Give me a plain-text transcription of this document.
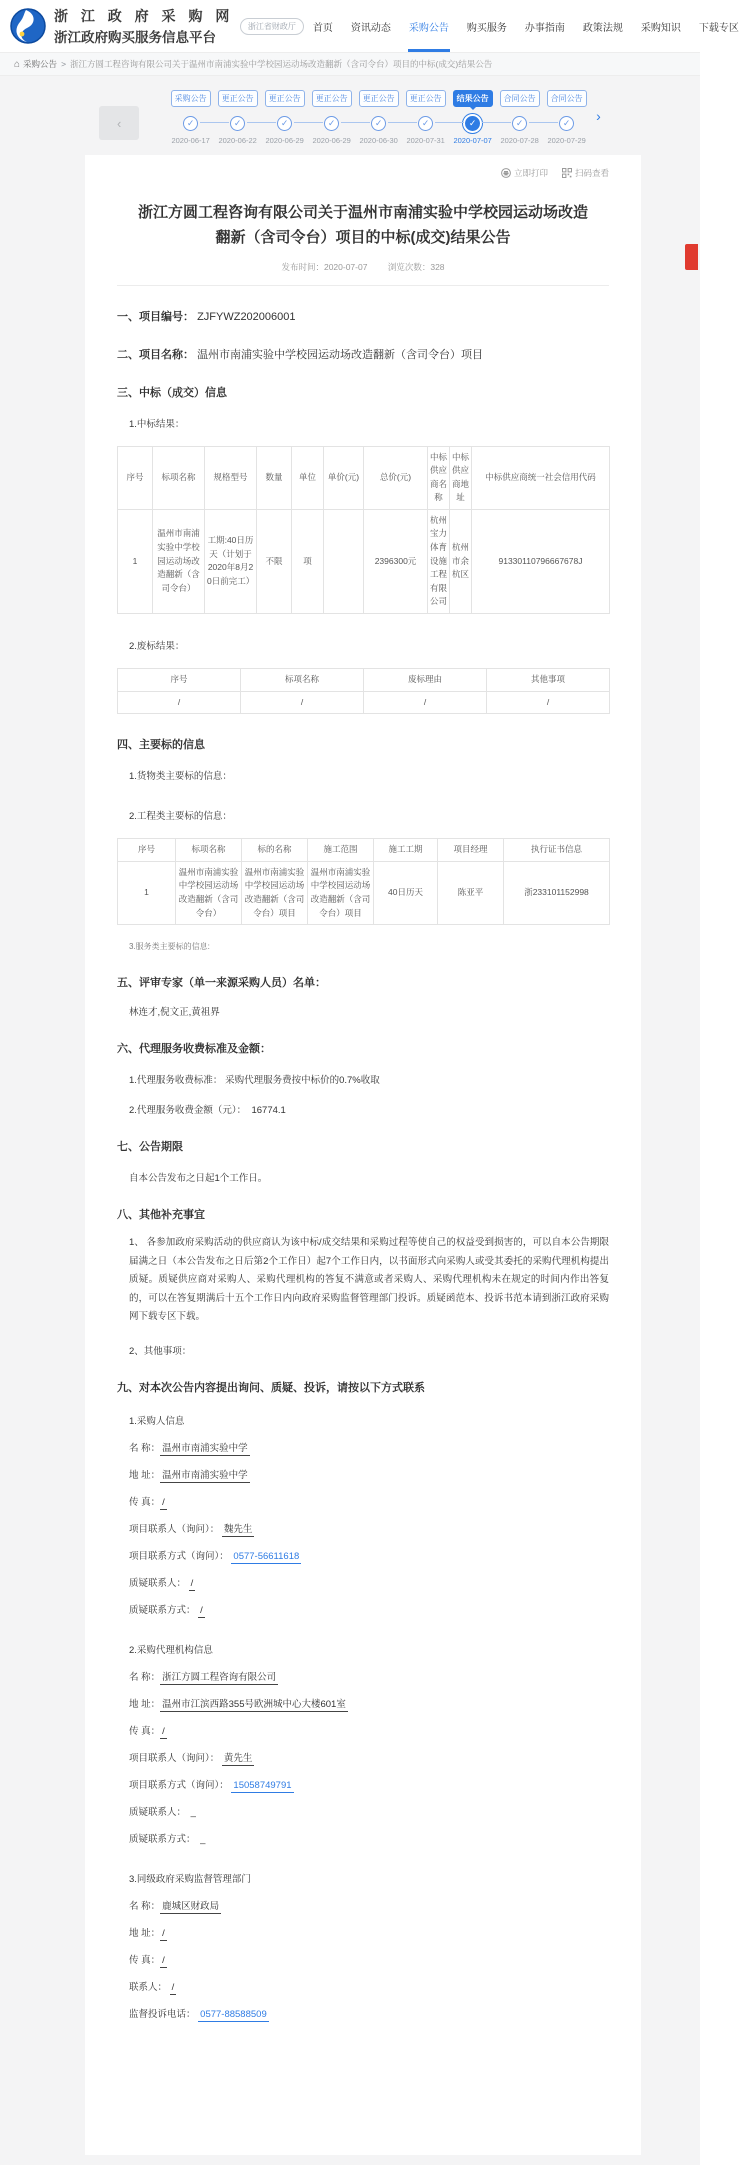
浙 江 政 府 采 购 网
浙江政府购买服务信息平台
浙江省财政厅	首页	资讯动态	采购公告	购买服务	办事指南	政策法规	采购知识	下载专区
⌂ 采购公告 > 浙江方圆工程咨询有限公司关于温州市南浦实验中学校园运动场改造翻新（含司令台）项目的中标(成交)结果公告
‹
采购公告
✓
2020-06-17
更正公告
✓
2020-06-22
更正公告
✓
2020-06-29
更正公告
✓
2020-06-29
更正公告
✓
2020-06-30
更正公告
✓
2020-07-31
结果公告
✓
2020-07-07
合同公告
✓
2020-07-28
合同公告
✓
2020-07-29
›
立即打印	扫码查看
浙江方圆工程咨询有限公司关于温州市南浦实验中学校园运动场改造翻新（含司令台）项目的中标(成交)结果公告
发布时间：2020-07-07 浏览次数：328
一、项目编号： ZJFYWZ202006001
二、项目名称： 温州市南浦实验中学校园运动场改造翻新（含司令台）项目
三、中标（成交）信息
1.中标结果：
序号	标项名称	规格型号	数量	单位	单价(元)	总价(元)	中标供应商名称	中标供应商地址	中标供应商统一社会信用代码
1	温州市南浦实验中学校园运动场改造翻新（含司令台）	工期:40日历天（计划于2020年8月20日前完工）	不限	项		2396300元	杭州宝力体育设施工程有限公司	杭州市余杭区	91330110796667678J
2.废标结果：
序号	标项名称	废标理由	其他事项
/	/	/	/
四、主要标的信息
1.货物类主要标的信息：
2.工程类主要标的信息：
序号	标项名称	标的名称	施工范围	施工工期	项目经理	执行证书信息
1	温州市南浦实验中学校园运动场改造翻新（含司令台）	温州市南浦实验中学校园运动场改造翻新（含司令台）项目	温州市南浦实验中学校园运动场改造翻新（含司令台）项目	40日历天	陈亚平	浙233101152998
3.服务类主要标的信息:
五、评审专家（单一来源采购人员）名单：
林连才,倪文正,黄祖界
六、代理服务收费标准及金额：
1.代理服务收费标准： 采购代理服务费按中标价的0.7%收取
2.代理服务收费金额（元）： 16774.1
七、公告期限
自本公告发布之日起1个工作日。
八、其他补充事宜

1、 各参加政府采购活动的供应商认为该中标/成交结果和采购过程等使自己的权益受到损害的，可以自本公告期限届满之日（本公告发布之日后第2个工作日）起7个工作日内，以书面形式向采购人或受其委托的采购代理机构提出质疑。质疑供应商对采购人、采购代理机构的答复不满意或者采购人、采购代理机构未在规定的时间内作出答复的，可以在答复期满后十五个工作日内向政府采购监督管理部门投诉。质疑函范本、投诉书范本请到浙江政府采购网下载专区下载。

2、其他事项：
九、对本次公告内容提出询问、质疑、投诉，请按以下方式联系
1.采购人信息
名 称： 温州市南浦实验中学
地 址： 温州市南浦实验中学
传 真： /
项目联系人（询问）： 魏先生
项目联系方式（询问）： 0577-56611618
质疑联系人： /
质疑联系方式： /
2.采购代理机构信息
名 称： 浙江方圆工程咨询有限公司
地 址： 温州市江滨西路355号欧洲城中心大楼601室
传 真： /
项目联系人（询问）： 黄先生
项目联系方式（询问）： 15058749791
质疑联系人： _
质疑联系方式： _
3.同级政府采购监督管理部门
名 称： 鹿城区财政局
地 址： /
传 真： /
联系人： /
监督投诉电话： 0577-88588509
